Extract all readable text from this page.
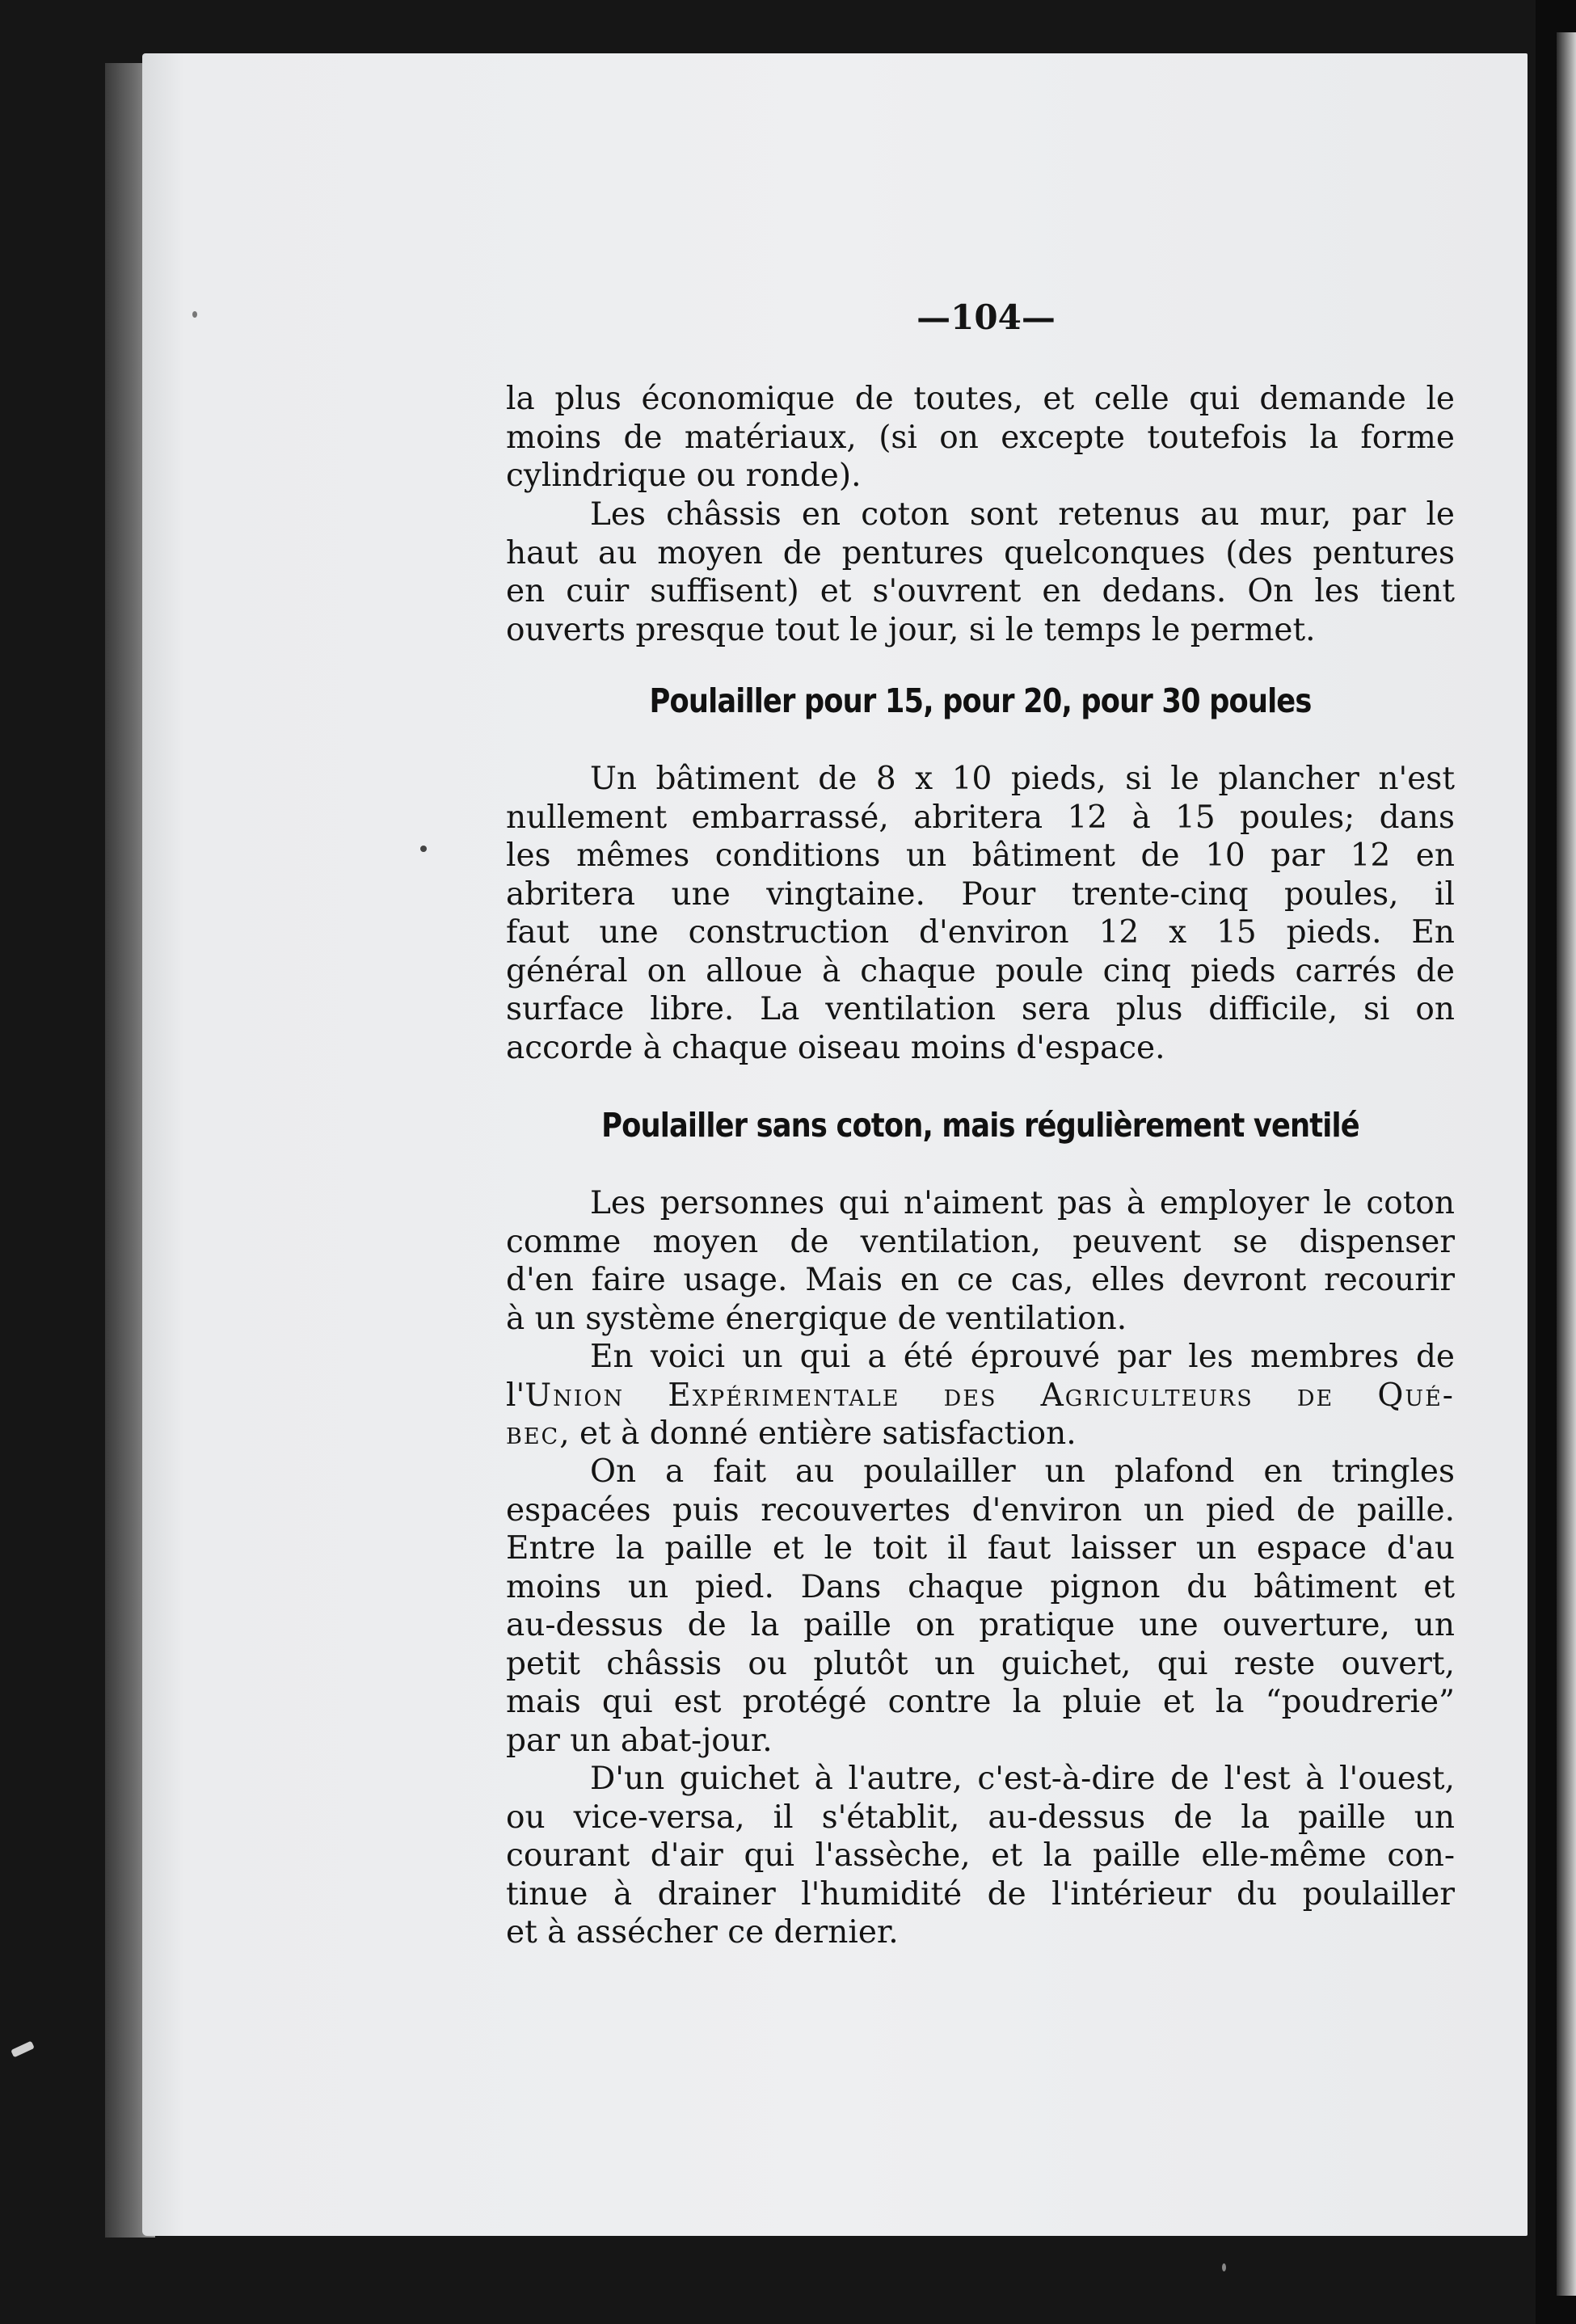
—104—
la plus économique de toutes, et celle qui demande le
moins de matériaux, (si on excepte toutefois la forme
cylindrique ou ronde).
Les châssis en coton sont retenus au mur, par le
haut au moyen de pentures quelconques (des pentures
en cuir suffisent) et s'ouvrent en dedans. On les tient
ouverts presque tout le jour, si le temps le permet.
Poulailler pour 15, pour 20, pour 30 poules
Un bâtiment de 8 x 10 pieds, si le plancher n'est
nullement embarrassé, abritera 12 à 15 poules; dans
les mêmes conditions un bâtiment de 10 par 12 en
abritera une vingtaine. Pour trente-cinq poules, il
faut une construction d'environ 12 x 15 pieds. En
général on alloue à chaque poule cinq pieds carrés de
surface libre. La ventilation sera plus difficile, si on
accorde à chaque oiseau moins d'espace.
Poulailler sans coton, mais régulièrement ventilé
Les personnes qui n'aiment pas à employer le coton
comme moyen de ventilation, peuvent se dispenser
d'en faire usage. Mais en ce cas, elles devront recourir
à un système énergique de ventilation.
En voici un qui a été éprouvé par les membres de
l'Union Expérimentale des Agriculteurs de Qué-
bec, et à donné entière satisfaction.
On a fait au poulailler un plafond en tringles
espacées puis recouvertes d'environ un pied de paille.
Entre la paille et le toit il faut laisser un espace d'au
moins un pied. Dans chaque pignon du bâtiment et
au-dessus de la paille on pratique une ouverture, un
petit châssis ou plutôt un guichet, qui reste ouvert,
mais qui est protégé contre la pluie et la “poudrerie”
par un abat-jour.
D'un guichet à l'autre, c'est-à-dire de l'est à l'ouest,
ou vice-versa, il s'établit, au-dessus de la paille un
courant d'air qui l'assèche, et la paille elle-même con-
tinue à drainer l'humidité de l'intérieur du poulailler
et à assécher ce dernier.
